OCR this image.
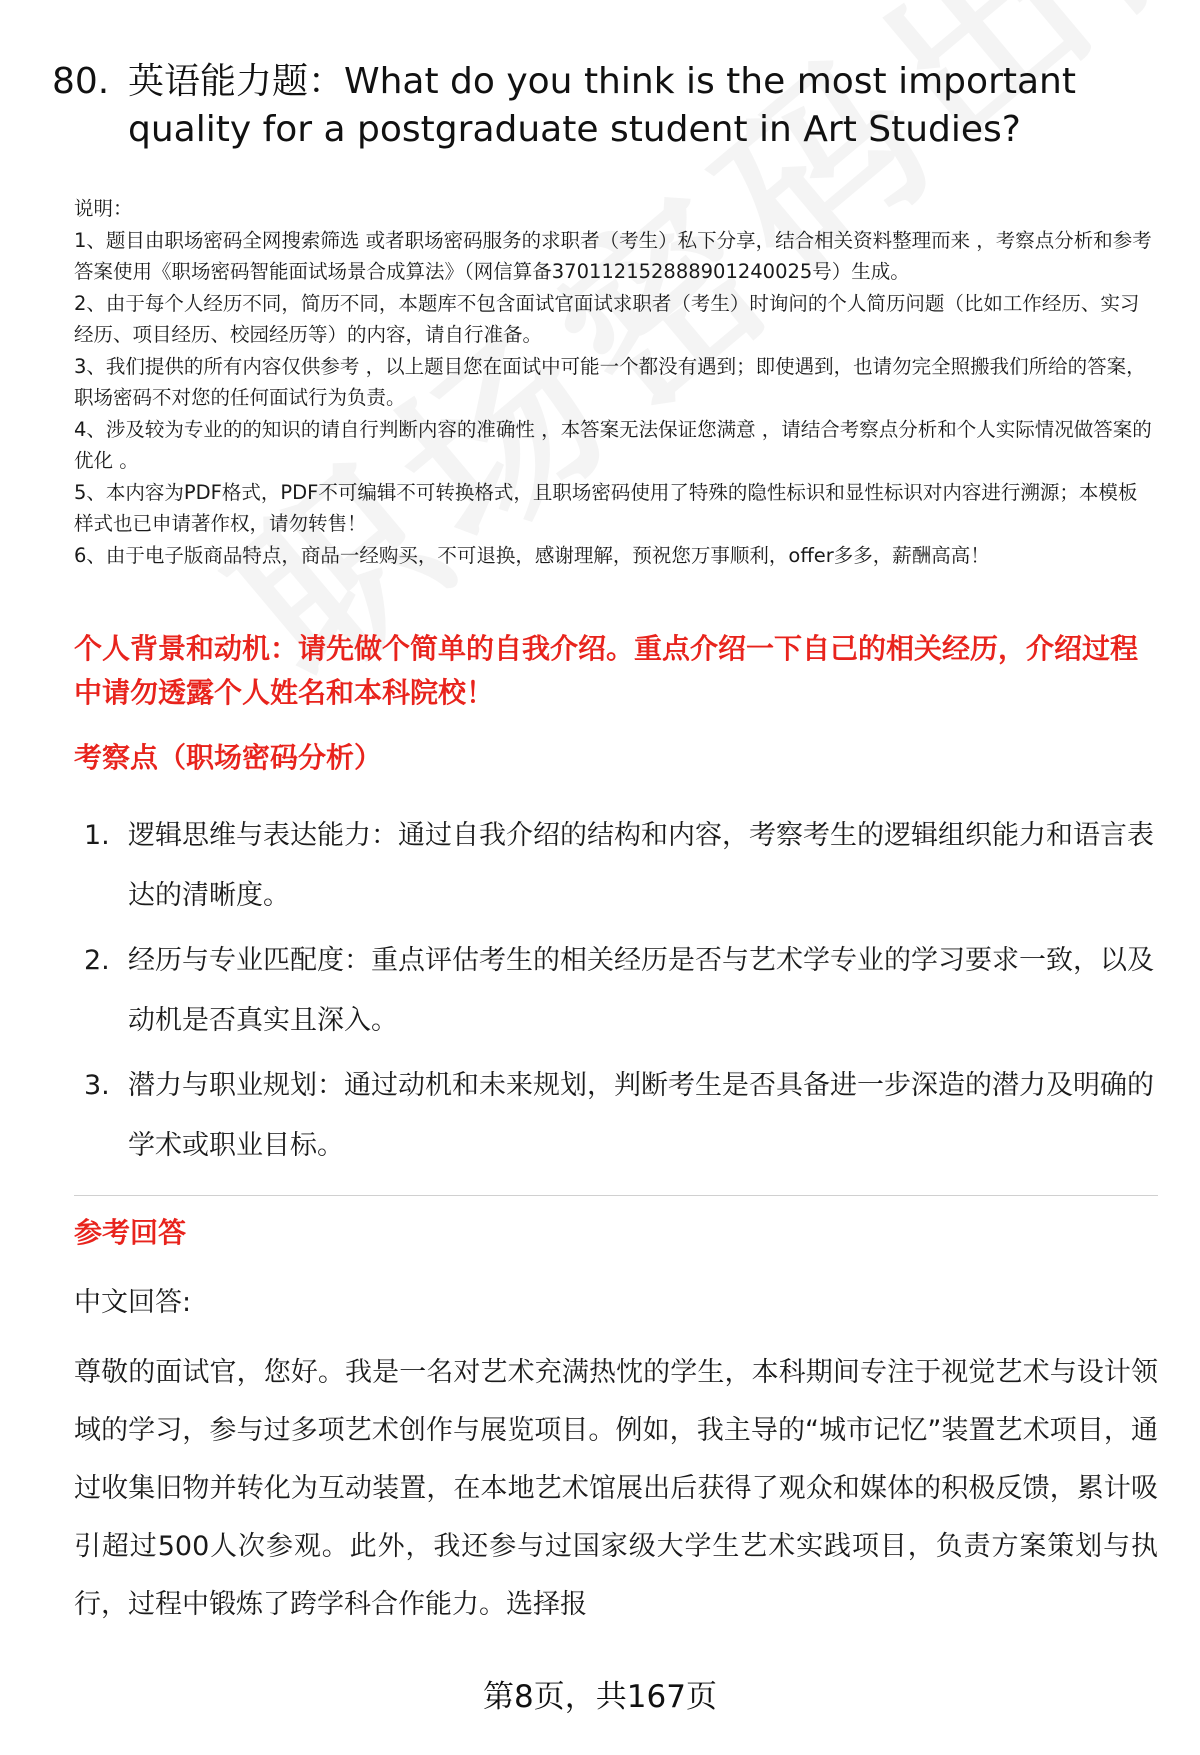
80. 英语能力题：What do you think is the most important quality for a postgraduate student in Art Studies?

说明：

1、题目由职场密码全网搜索筛选 或者职场密码服务的求职者（考生）私下分享，结合相关资料整理而来 ，考察点分析和参考答案使用《职场密码智能面试场景合成算法》（网信算备370112152888901240025号）生成。

2、由于每个人经历不同，简历不同，本题库不包含面试官面试求职者（考生）时询问的个人简历问题（比如工作经历、实习经历、项目经历、校园经历等）的内容，请自行准备。

3、我们提供的所有内容仅供参考 ，以上题目您在面试中可能一个都没有遇到；即使遇到，也请勿完全照搬我们所给的答案，职场密码不对您的任何面试行为负责。

4、涉及较为专业的的知识的请自行判断内容的准确性 ，本答案无法保证您满意 ，请结合考察点分析和个人实际情况做答案的优化 。

5、本内容为PDF格式，PDF不可编辑不可转换格式，且职场密码使用了特殊的隐性标识和显性标识对内容进行溯源；本模板样式也已申请著作权，请勿转售！

6、由于电子版商品特点，商品一经购买，不可退换，感谢理解，预祝您万事顺利，offer多多，薪酬高高！

个人背景和动机：请先做个简单的自我介绍。重点介绍一下自己的相关经历，介绍过程中请勿透露个人姓名和本科院校！
考察点（职场密码分析）
1. 逻辑思维与表达能力：通过自我介绍的结构和内容，考察考生的逻辑组织能力和语言表达的清晰度。
2. 经历与专业匹配度：重点评估考生的相关经历是否与艺术学专业的学习要求一致，以及动机是否真实且深入。
3. 潜力与职业规划：通过动机和未来规划，判断考生是否具备进一步深造的潜力及明确的学术或职业目标。
参考回答
中文回答:

尊敬的面试官，您好。我是一名对艺术充满热忱的学生，本科期间专注于视觉艺术与设计领域的学习，参与过多项艺术创作与展览项目。例如，我主导的“城市记忆”装置艺术项目，通过收集旧物并转化为互动装置，在本地艺术馆展出后获得了观众和媒体的积极反馈，累计吸引超过500人次参观。此外，我还参与过国家级大学生艺术实践项目，负责方案策划与执行，过程中锻炼了跨学科合作能力。选择报

第8页，共167页
